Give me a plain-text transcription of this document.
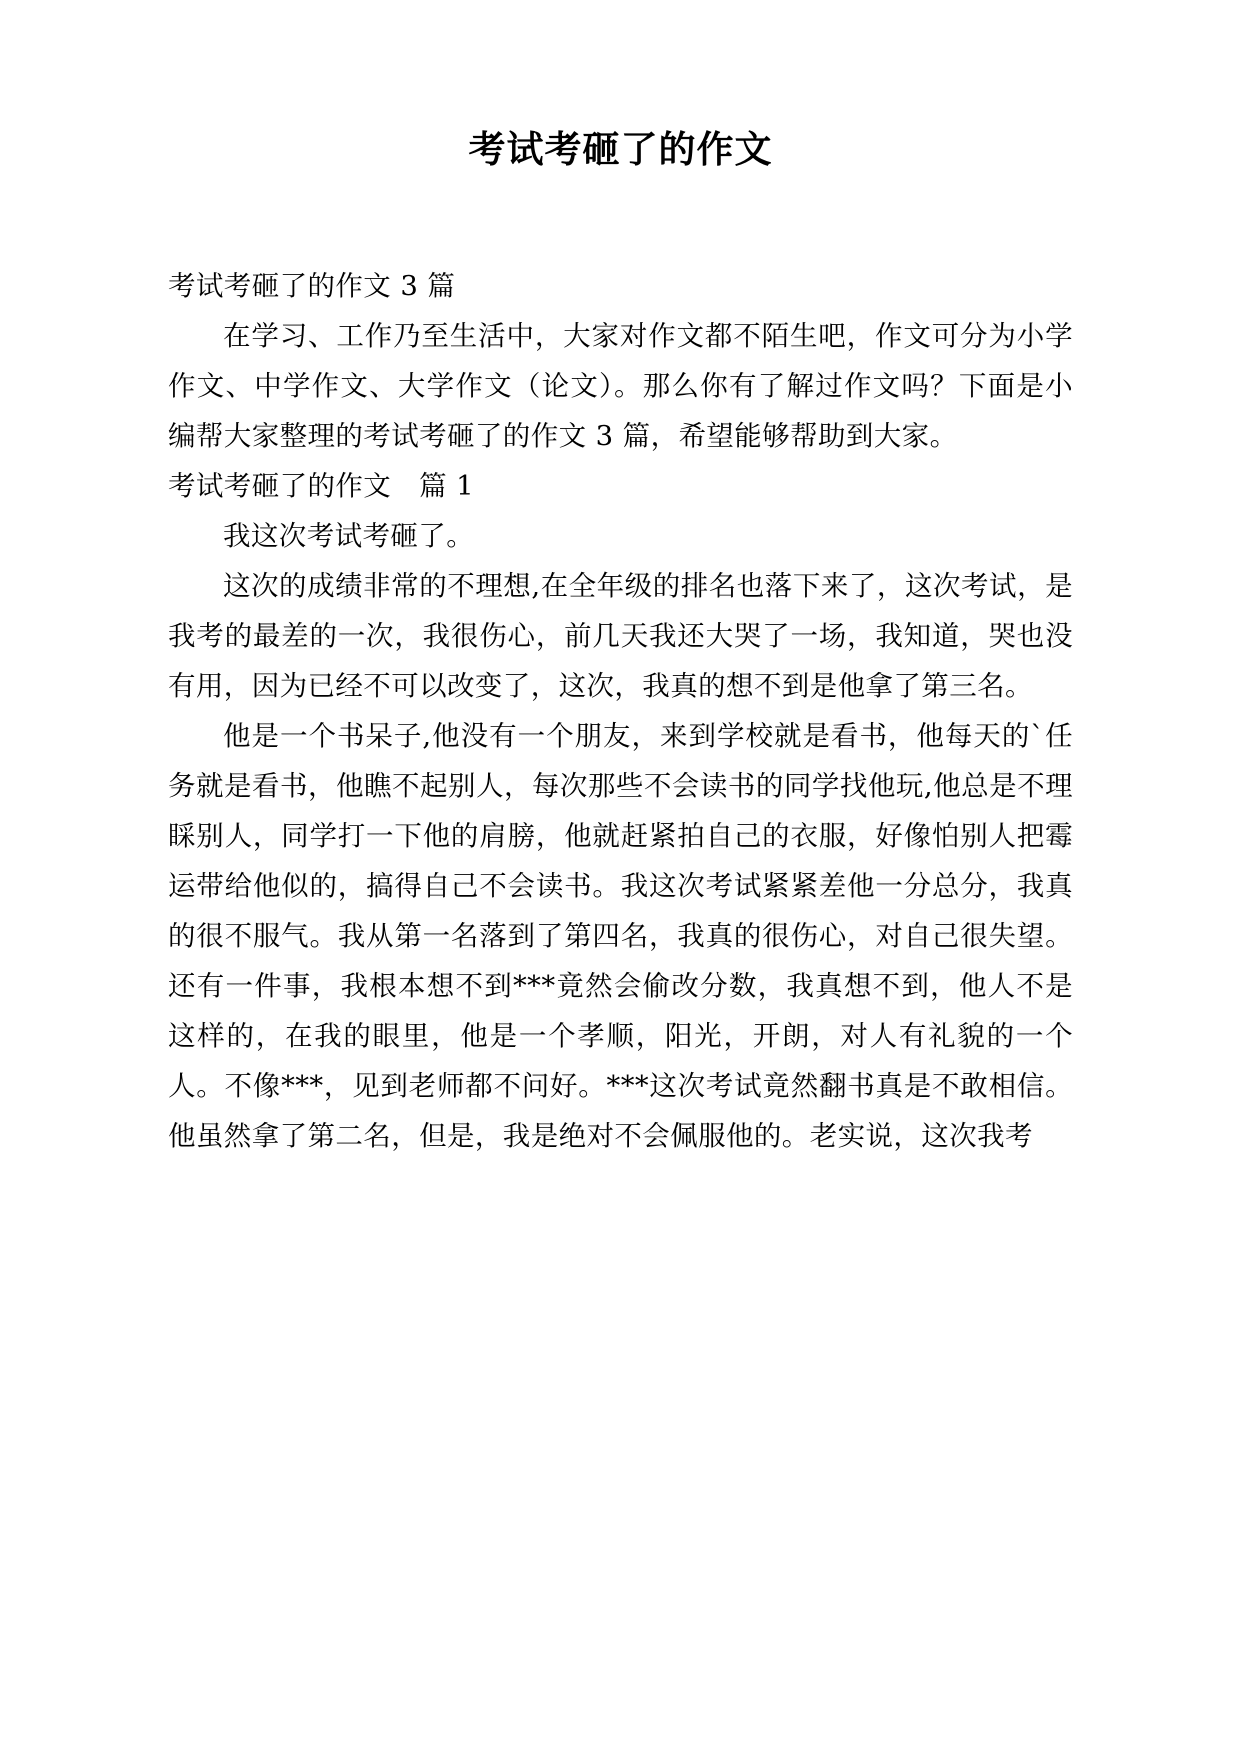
考试考砸了的作文

考试考砸了的作文 3 篇

在学习、工作乃至生活中，大家对作文都不陌生吧，作文可分为小学作文、中学作文、大学作文（论文）。那么你有了解过作文吗？下面是小编帮大家整理的考试考砸了的作文 3 篇，希望能够帮助到大家。

考试考砸了的作文　篇 1

我这次考试考砸了。

这次的成绩非常的不理想,在全年级的排名也落下来了，这次考试，是我考的最差的一次，我很伤心，前几天我还大哭了一场，我知道，哭也没有用，因为已经不可以改变了，这次，我真的想不到是他拿了第三名。

他是一个书呆子,他没有一个朋友，来到学校就是看书，他每天的`任务就是看书，他瞧不起别人，每次那些不会读书的同学找他玩,他总是不理睬别人，同学打一下他的肩膀，他就赶紧拍自己的衣服，好像怕别人把霉运带给他似的，搞得自己不会读书。我这次考试紧紧差他一分总分，我真的很不服气。我从第一名落到了第四名，我真的很伤心，对自己很失望。还有一件事，我根本想不到***竟然会偷改分数，我真想不到，他人不是这样的，在我的眼里，他是一个孝顺，阳光，开朗，对人有礼貌的一个人。不像***，见到老师都不问好。***这次考试竟然翻书真是不敢相信。他虽然拿了第二名，但是，我是绝对不会佩服他的。老实说，这次我考
